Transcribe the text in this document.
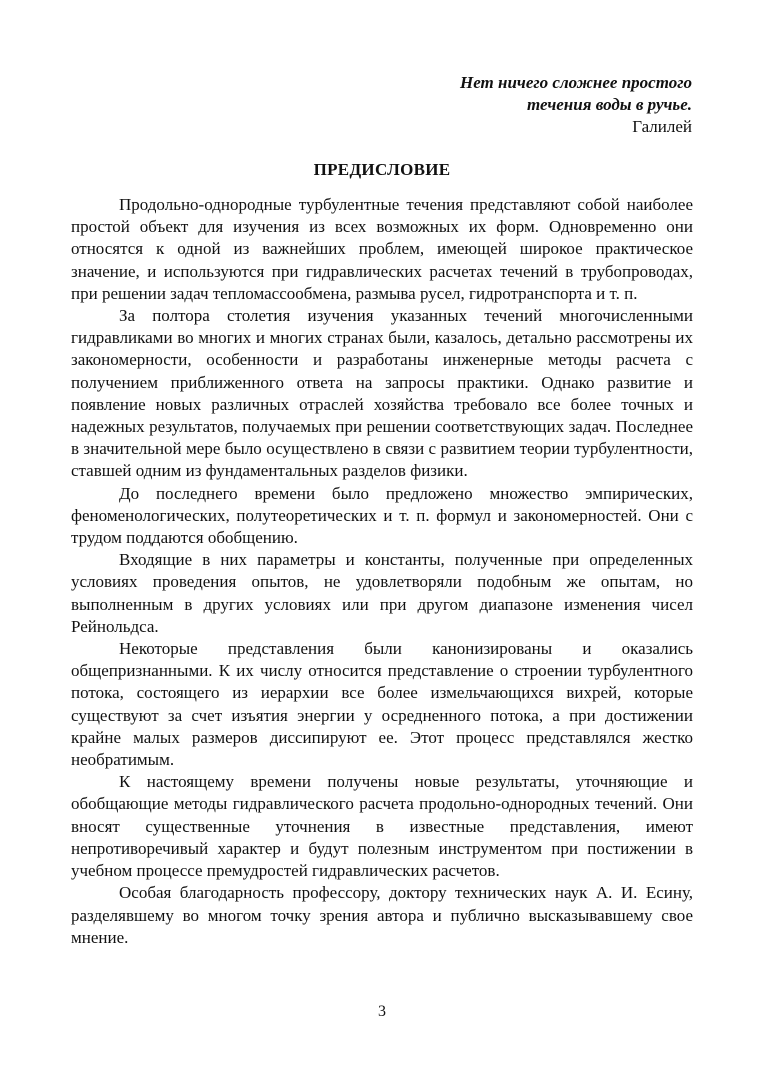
Нет ничего сложнее простого
течения воды в ручье.
Галилей
ПРЕДИСЛОВИЕ

Продольно-однородные турбулентные течения представляют собой наиболее простой объект для изучения из всех возможных их форм. Одновременно они относятся к одной из важнейших проблем, имеющей широкое практическое значение, и используются при гидравлических расчетах течений в трубопроводах, при решении задач тепломассообмена, размыва русел, гидротранспорта и т. п.

За полтора столетия изучения указанных течений многочисленными гидравликами во многих и многих странах были, казалось, детально рассмотрены их закономерности, особенности и разработаны инженерные методы расчета с получением приближенного ответа на запросы практики. Однако развитие и появление новых различных отраслей хозяйства требовало все более точных и надежных результатов, получаемых при решении соответствующих задач. Последнее в значительной мере было осуществлено в связи с развитием теории турбулентности, ставшей одним из фундаментальных разделов физики.

До последнего времени было предложено множество эмпирических, феноменологических, полутеоретических и т. п. формул и закономерностей. Они с трудом поддаются обобщению.

Входящие в них параметры и константы, полученные при определенных условиях проведения опытов, не удовлетворяли подобным же опытам, но выполненным в других условиях или при другом диапазоне изменения чисел Рейнольдса.

Некоторые представления были канонизированы и оказались общепризнанными. К их числу относится представление о строении турбулентного потока, состоящего из иерархии все более измельчающихся вихрей, которые существуют за счет изъятия энергии у осредненного потока, а при достижении крайне малых размеров диссипируют ее. Этот процесс представлялся жестко необратимым.

К настоящему времени получены новые результаты, уточняющие и обобщающие методы гидравлического расчета продольно-однородных течений. Они вносят существенные уточнения в известные представления, имеют непротиворечивый характер и будут полезным инструментом при постижении в учебном процессе премудростей гидравлических расчетов.

Особая благодарность профессору, доктору технических наук А. И. Есину, разделявшему во многом точку зрения автора и публично высказывавшему свое мнение.

3
